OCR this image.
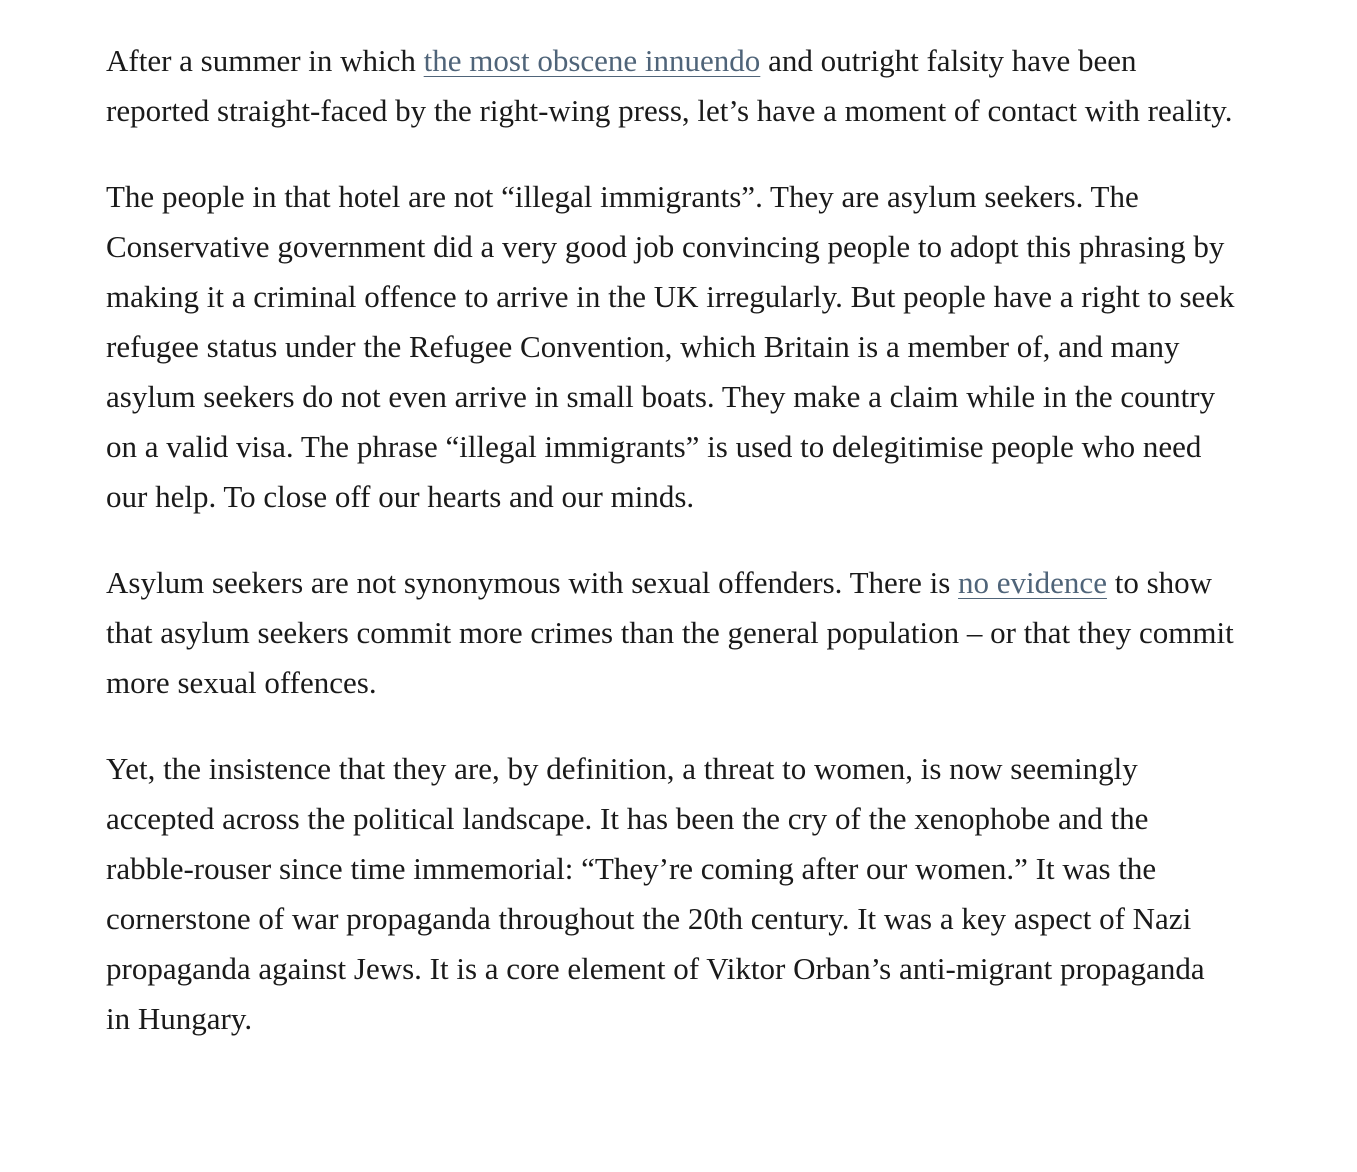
After a summer in which the most obscene innuendo and outright falsity have been reported straight-faced by the right-wing press, let’s have a moment of contact with reality.

The people in that hotel are not “illegal immigrants”. They are asylum seekers. The Conservative government did a very good job convincing people to adopt this phrasing by making it a criminal offence to arrive in the UK irregularly. But people have a right to seek refugee status under the Refugee Convention, which Britain is a member of, and many asylum seekers do not even arrive in small boats. They make a claim while in the country on a valid visa. The phrase “illegal immigrants” is used to delegitimise people who need our help. To close off our hearts and our minds.

Asylum seekers are not synonymous with sexual offenders. There is no evidence to show that asylum seekers commit more crimes than the general population – or that they commit more sexual offences.

Yet, the insistence that they are, by definition, a threat to women, is now seemingly accepted across the political landscape. It has been the cry of the xenophobe and the rabble-rouser since time immemorial: “They’re coming after our women.” It was the cornerstone of war propaganda throughout the 20th century. It was a key aspect of Nazi propaganda against Jews. It is a core element of Viktor Orban’s anti-migrant propaganda in Hungary.
